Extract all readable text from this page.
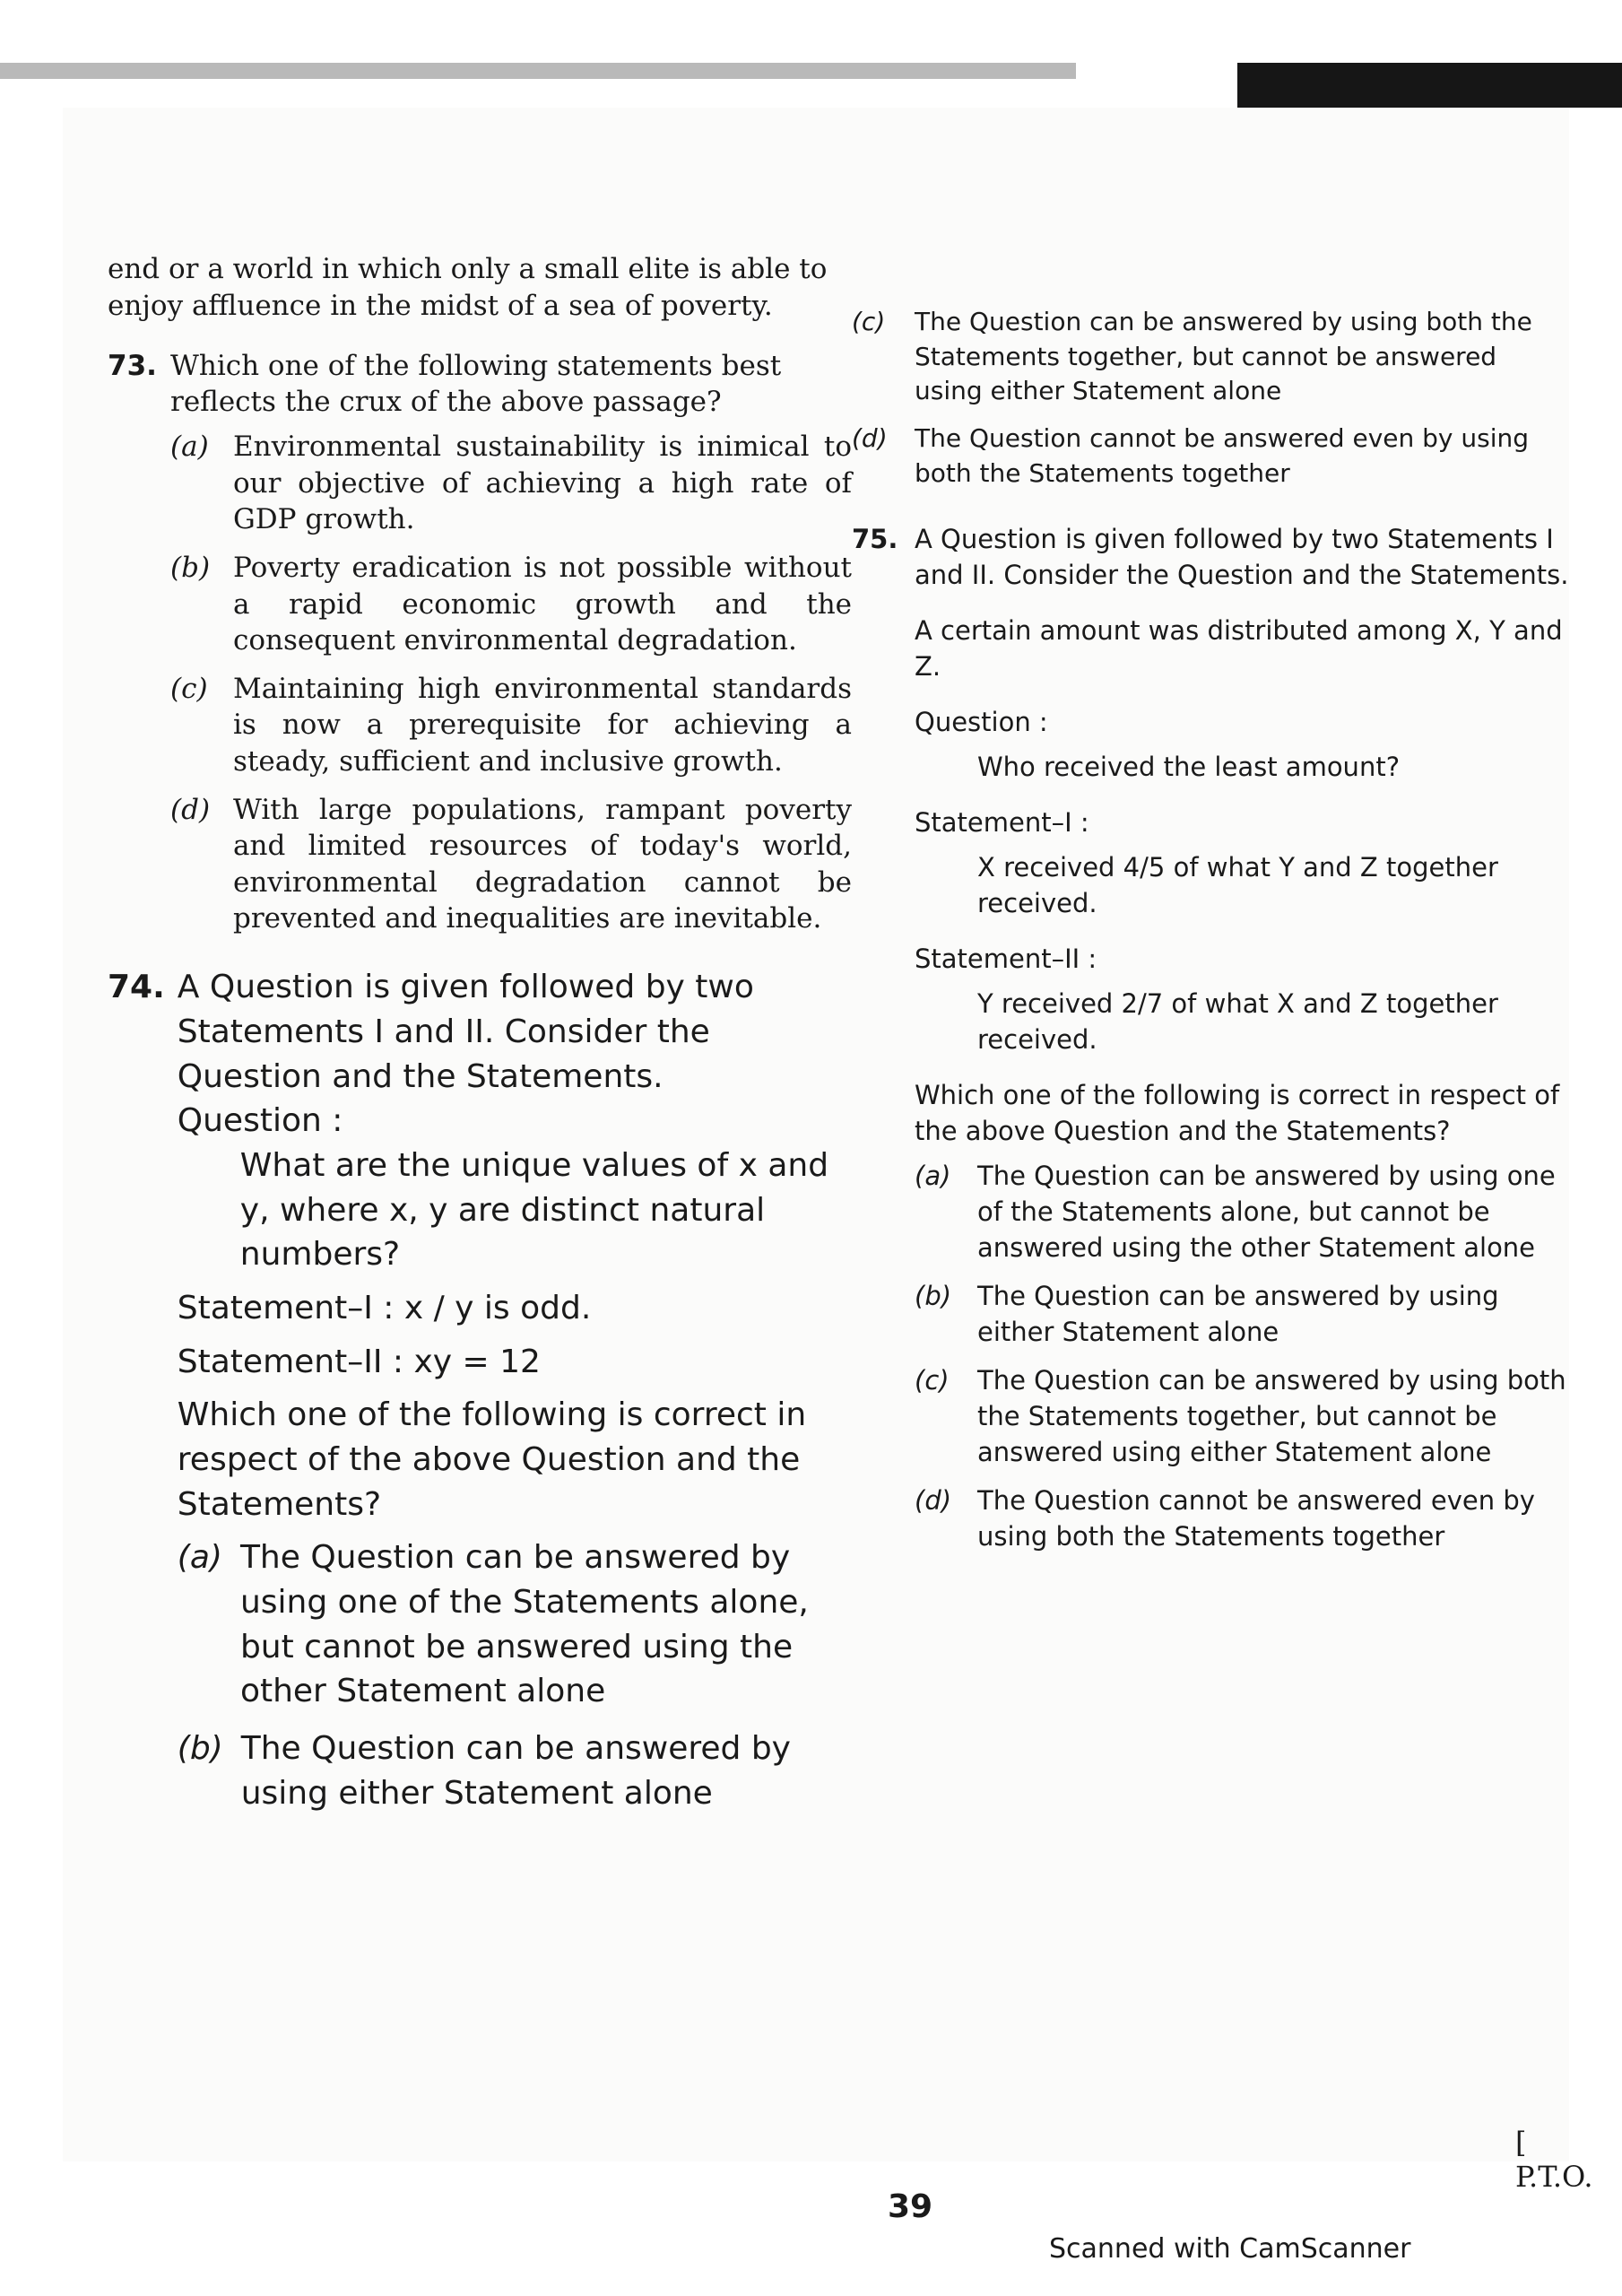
end or a world in which only a small elite is able to enjoy affluence in the midst of a sea of poverty.
73. Which one of the following statements best reflects the crux of the above passage?
(a) Environmental sustainability is inimical to our objective of achieving a high rate of GDP growth.
(b) Poverty eradication is not possible without a rapid economic growth and the consequent environmental degradation.
(c) Maintaining high environmental standards is now a prerequisite for achieving a steady, sufficient and inclusive growth.
(d) With large populations, rampant poverty and limited resources of today's world, environmental degradation cannot be prevented and inequalities are inevitable.
74. A Question is given followed by two Statements I and II. Consider the Question and the Statements.
Question :
What are the unique values of x and y, where x, y are distinct natural numbers?
Statement–I : x / y is odd.
Statement–II : xy = 12
Which one of the following is correct in respect of the above Question and the Statements?
(a) The Question can be answered by using one of the Statements alone, but cannot be answered using the other Statement alone
(b) The Question can be answered by using either Statement alone
(c)	The Question can be answered by using both the Statements together, but cannot be answered using either Statement alone
(d)	The Question cannot be answered even by using both the Statements together
75. A Question is given followed by two Statements I and II. Consider the Question and the Statements.
A certain amount was distributed among X, Y and Z.
Question :
Who received the least amount?
Statement–I :
X received 4/5 of what Y and Z together received.
Statement–II :
Y received 2/7 of what X and Z together received.
Which one of the following is correct in respect of the above Question and the Statements?
(a)	The Question can be answered by using one of the Statements alone, but cannot be answered using the other Statement alone
(b) The Question can be answered by using either Statement alone
(c)	The Question can be answered by using both the Statements together, but cannot be answered using either Statement alone
(d) The Question cannot be answered even by using both the Statements together
[ P.T.O.
39
Scanned with CamScanner
